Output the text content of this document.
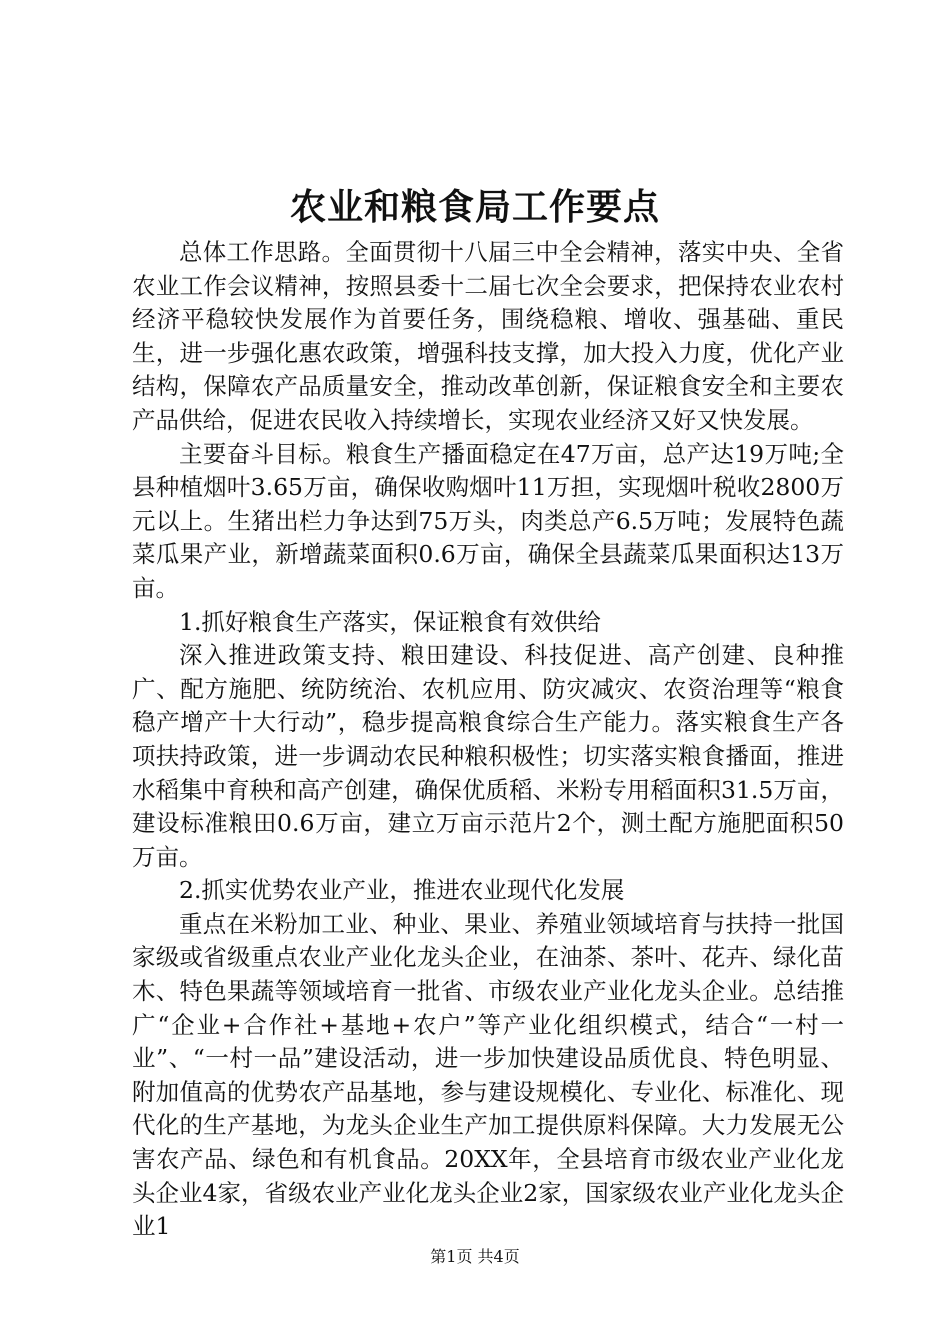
农业和粮食局工作要点

总体工作思路。全面贯彻十八届三中全会精神，落实中央、全省农业工作会议精神，按照县委十二届七次全会要求，把保持农业农村经济平稳较快发展作为首要任务，围绕稳粮、增收、强基础、重民生，进一步强化惠农政策，增强科技支撑，加大投入力度，优化产业结构，保障农产品质量安全，推动改革创新，保证粮食安全和主要农产品供给，促进农民收入持续增长，实现农业经济又好又快发展。

主要奋斗目标。粮食生产播面稳定在47万亩，总产达19万吨;全县种植烟叶3.65万亩，确保收购烟叶11万担，实现烟叶税收2800万元以上。生猪出栏力争达到75万头，肉类总产6.5万吨；发展特色蔬菜瓜果产业，新增蔬菜面积0.6万亩，确保全县蔬菜瓜果面积达13万亩。

1.抓好粮食生产落实，保证粮食有效供给

深入推进政策支持、粮田建设、科技促进、高产创建、良种推广、配方施肥、统防统治、农机应用、防灾减灾、农资治理等“粮食稳产增产十大行动”，稳步提高粮食综合生产能力。落实粮食生产各项扶持政策，进一步调动农民种粮积极性；切实落实粮食播面，推进水稻集中育秧和高产创建，确保优质稻、米粉专用稻面积31.5万亩，建设标准粮田0.6万亩，建立万亩示范片2个，测土配方施肥面积50万亩。

2.抓实优势农业产业，推进农业现代化发展

重点在米粉加工业、种业、果业、养殖业领域培育与扶持一批国家级或省级重点农业产业化龙头企业，在油茶、茶叶、花卉、绿化苗木、特色果蔬等领域培育一批省、市级农业产业化龙头企业。总结推广“企业+合作社+基地+农户”等产业化组织模式，结合“一村一业”、“一村一品”建设活动，进一步加快建设品质优良、特色明显、附加值高的优势农产品基地，参与建设规模化、专业化、标准化、现代化的生产基地，为龙头企业生产加工提供原料保障。大力发展无公害农产品、绿色和有机食品。20XX年，全县培育市级农业产业化龙头企业4家，省级农业产业化龙头企业2家，国家级农业产业化龙头企业1

第1页 共4页
